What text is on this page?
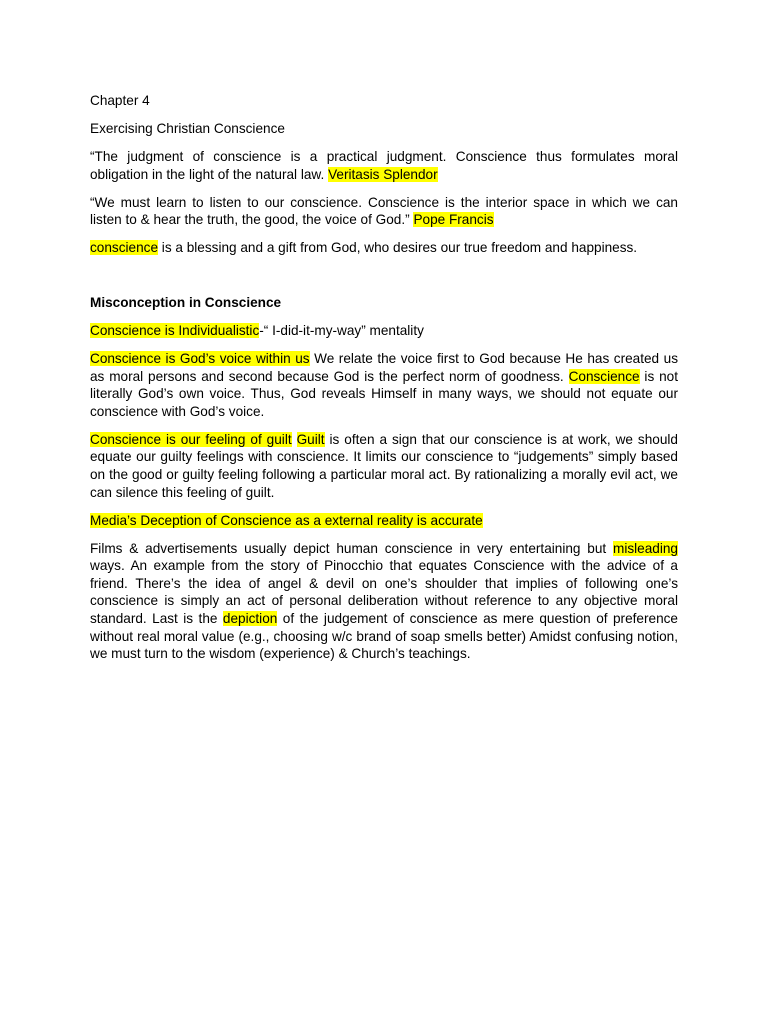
Chapter 4

Exercising Christian Conscience

“The judgment of conscience is a practical judgment. Conscience thus formulates moral obligation in the light of the natural law. Veritasis Splendor

“We must learn to listen to our conscience. Conscience is the interior space in which we can listen to & hear the truth, the good, the voice of God.” Pope Francis

conscience is a blessing and a gift from God, who desires our true freedom and happiness.

Misconception in Conscience

Conscience is Individualistic-“ I-did-it-my-way” mentality

Conscience is God’s voice within us We relate the voice first to God because He has created us as moral persons and second because God is the perfect norm of goodness. Conscience is not literally God’s own voice. Thus, God reveals Himself in many ways, we should not equate our conscience with God’s voice.

Conscience is our feeling of guilt Guilt is often a sign that our conscience is at work, we should equate our guilty feelings with conscience. It limits our conscience to “judgements” simply based on the good or guilty feeling following a particular moral act. By rationalizing a morally evil act, we can silence this feeling of guilt.

Media’s Deception of Conscience as a external reality is accurate

Films & advertisements usually depict human conscience in very entertaining but misleading ways. An example from the story of Pinocchio that equates Conscience with the advice of a friend. There’s the idea of angel & devil on one’s shoulder that implies of following one’s conscience is simply an act of personal deliberation without reference to any objective moral standard. Last is the depiction of the judgement of conscience as mere question of preference without real moral value (e.g., choosing w/c brand of soap smells better) Amidst confusing notion, we must turn to the wisdom (experience) & Church’s teachings.
